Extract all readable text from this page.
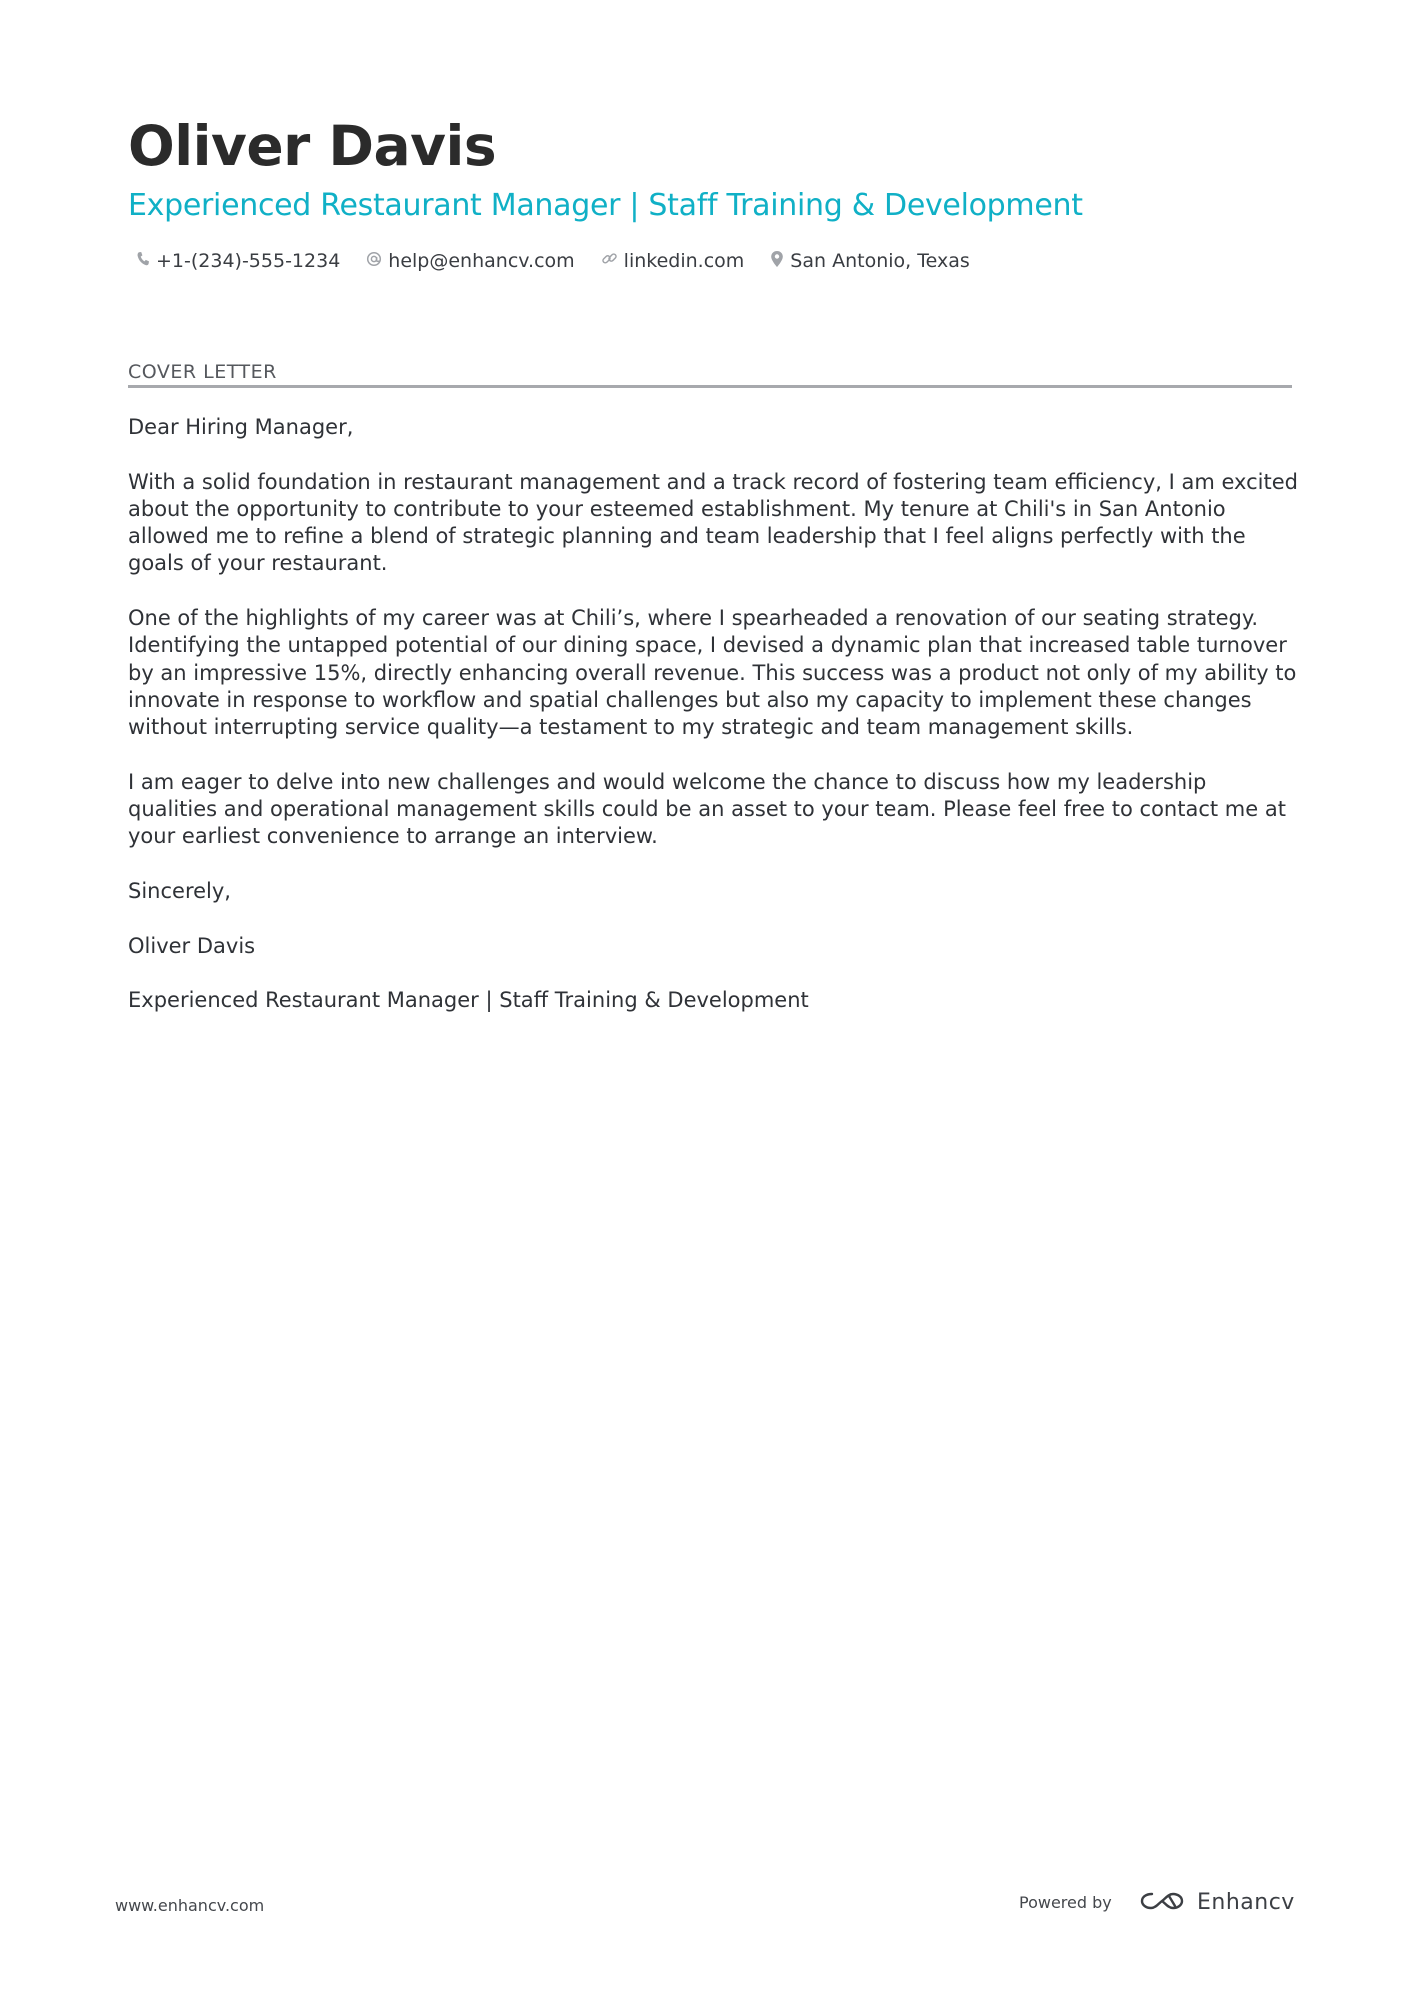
Oliver Davis
Experienced Restaurant Manager | Staff Training & Development
+1-(234)-555-1234	help@enhancv.com	linkedin.com San Antonio, Texas
COVER LETTER

Dear Hiring Manager,

With a solid foundation in restaurant management and a track record of fostering team efficiency, I am excited about the opportunity to contribute to your esteemed establishment. My tenure at Chili's in San Antonio allowed me to refine a blend of strategic planning and team leadership that I feel aligns perfectly with the goals of your restaurant.

One of the highlights of my career was at Chili’s, where I spearheaded a renovation of our seating strategy. Identifying the untapped potential of our dining space, I devised a dynamic plan that increased table turnover by an impressive 15%, directly enhancing overall revenue. This success was a product not only of my ability to innovate in response to workflow and spatial challenges but also my capacity to implement these changes without interrupting service quality—a testament to my strategic and team management skills.

I am eager to delve into new challenges and would welcome the chance to discuss how my leadership qualities and operational management skills could be an asset to your team. Please feel free to contact me at your earliest convenience to arrange an interview.

Sincerely,

Oliver Davis

Experienced Restaurant Manager | Staff Training & Development

www.enhancv.com	Powered by	Enhancv
